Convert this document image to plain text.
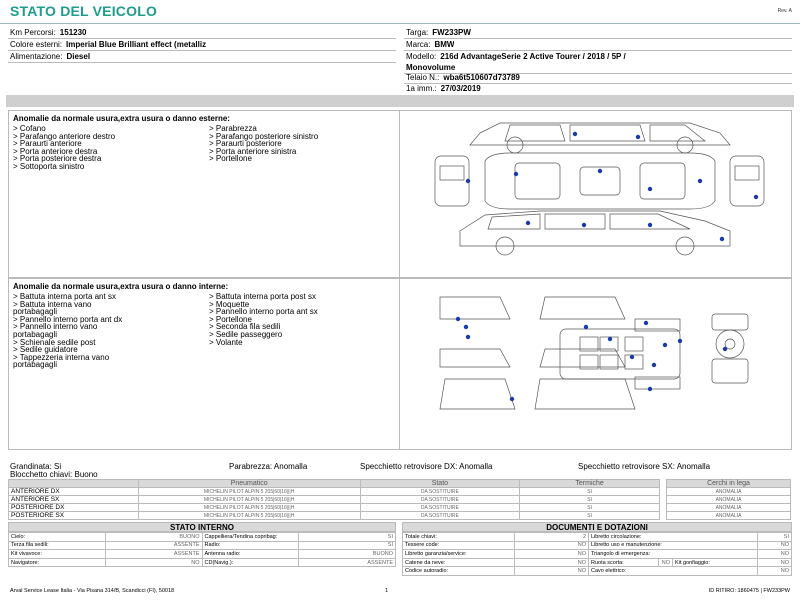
STATO DEL VEICOLO	Rev. A
Km Percorsi: 151230
Colore esterni: Imperial Blue Brilliant effect (metalliz
Alimentazione: Diesel
Targa: FW233PW
Marca: BMW
Modello: 216d AdvantageSerie 2 Active Tourer / 2018 / 5P /
Monovolume
Telaio N.: wba6t510607d73789
1a imm.: 27/03/2019
Anomalie da normale usura,extra usura o danno esterne:
> Cofano
> Parafango anteriore destro
> Paraurti anteriore
> Porta anteriore destra
> Porta posteriore destra
> Sottoporta sinistro
> Parabrezza
> Parafango posteriore sinistro
> Paraurti posteriore
> Porta anteriore sinistra
> Portellone
Anomalie da normale usura,extra usura o danno interne:
> Battuta interna porta ant sx
> Battuta interna vano
portabagagli
> Pannello interno porta ant dx
> Pannello interno vano
portabagagli
> Schienale sedile post
> Sedile guidatore
> Tappezzeria interna vano
portabagagli
> Battuta interna porta post sx
> Moquette
> Pannello interno porta ant sx
> Portellone
> Seconda fila sedili
> Sedile passeggero
> Volante
Grandinata: Si
Blocchetto chiavi: Buono
Parabrezza: Anomalla	Specchietto retrovisore DX: Anomalla	Specchietto retrovisore SX: Anomalla
	Pneumatico	Stato	Termiche
ANTERIORE DX	MICHELIN PILOT ALPIN 5 205|60|16|||H	DA SOSTITUIRE	SI
ANTERIORE SX	MICHELIN PILOT ALPIN 5 205|60|16|||H	DA SOSTITUIRE	SI
POSTERIORE DX	MICHELIN PILOT ALPIN 5 205|60|16|||H	DA SOSTITUIRE	SI
POSTERIORE SX	MICHELIN PILOT ALPIN 5 205|60|16|||H	DA SOSTITUIRE	SI
Cerchi in lega
ANOMALIA
ANOMALIA
ANOMALIA
ANOMALIA
STATO INTERNO
Cielo:	BUONO	Cappelliera/Tendina copribag:	SI
Terza fila sedili:	ASSENTE	Radio:	SI
Kit vivavoce:	ASSENTE	Antenna radio:	BUONO
Navigatore:	NO	CD(Navig.):	ASSENTE
DOCUMENTI E DOTAZIONI
Totale chiavi:	2	Libretto circolazione:			SI
Tessere code:	NO	Libretto uso e manutenzione:			NO
Libretto garanzia/service:	NO	Triangolo di emergenza:			NO
Catene da neve:	NO	Ruota scorta:	NO	Kit gonfiaggio:	NO
Codice autoradio:	NO	Cavo elettrico:			NO
Arval Service Lease Italia - Via Pisana 314/B, Scandicci (FI), 50018	1	ID RITIRO: 1860475 | FW233PW
